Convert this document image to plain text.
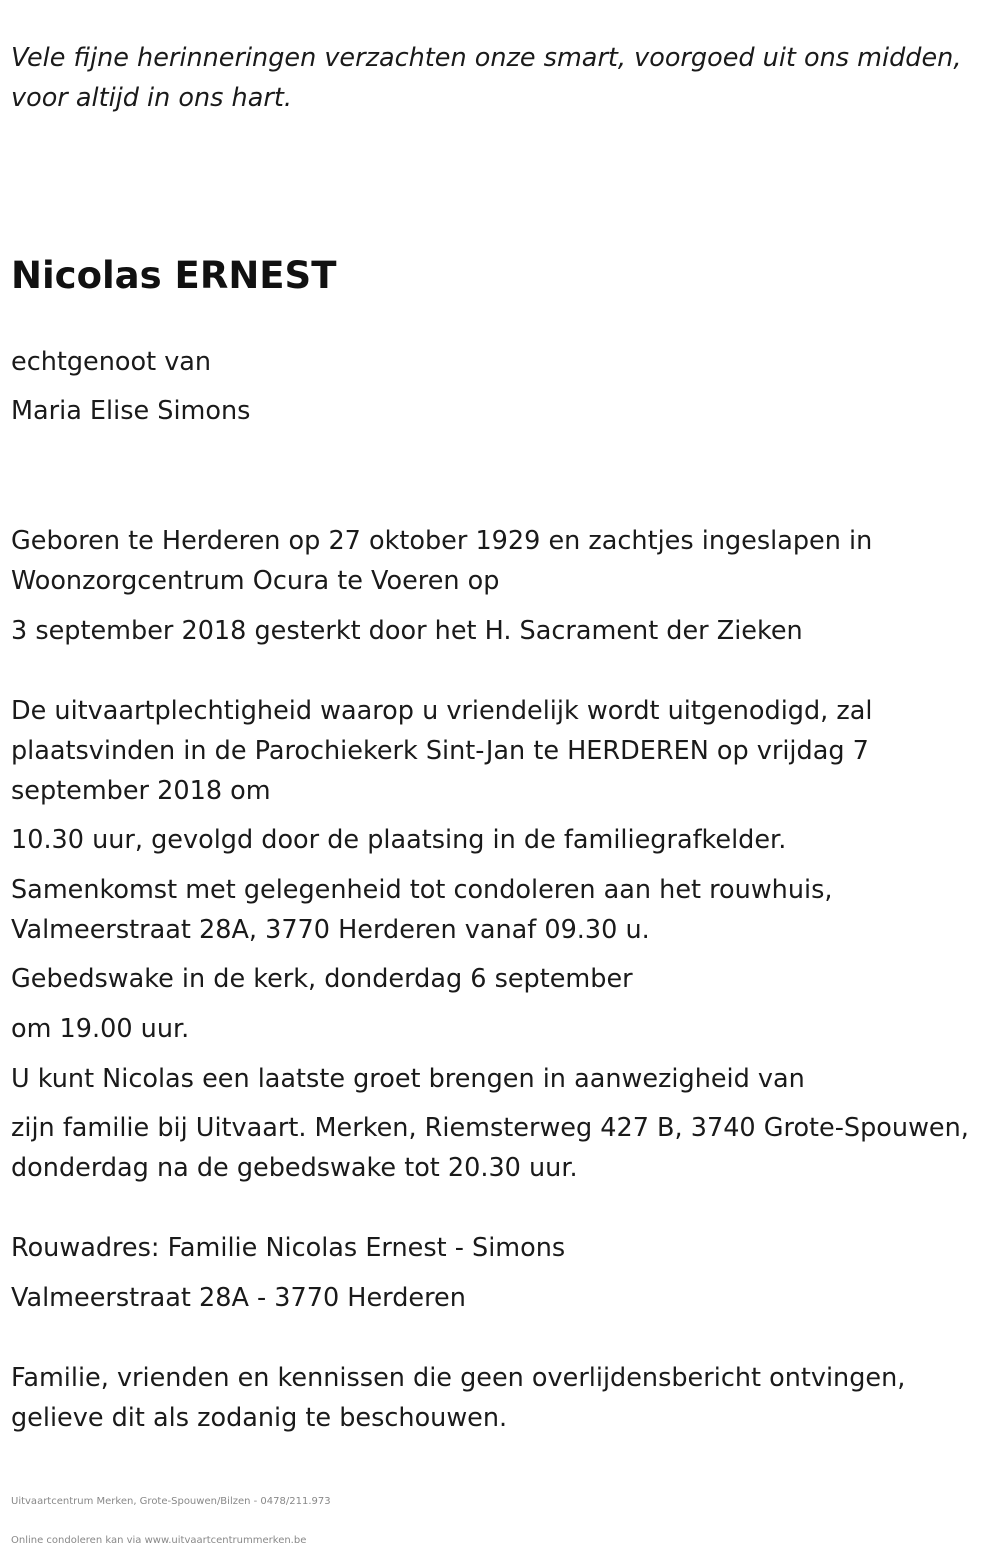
Vele fijne herinneringen verzachten onze smart, voorgoed uit ons midden, voor altijd in ons hart.

Nicolas ERNEST

echtgenoot van

Maria Elise Simons

Geboren te Herderen op 27 oktober 1929 en zachtjes ingeslapen in Woonzorgcentrum Ocura te Voeren op

3 september 2018 gesterkt door het H. Sacrament der Zieken

De uitvaartplechtigheid waarop u vriendelijk wordt uitgenodigd, zal plaatsvinden in de Parochiekerk Sint-Jan te HERDEREN op vrijdag 7 september 2018 om

10.30 uur, gevolgd door de plaatsing in de familiegrafkelder.

Samenkomst met gelegenheid tot condoleren aan het rouwhuis, Valmeerstraat 28A, 3770 Herderen vanaf 09.30 u.

Gebedswake in de kerk, donderdag 6 september

om 19.00 uur.

U kunt Nicolas een laatste groet brengen in aanwezigheid van

zijn familie bij Uitvaart. Merken, Riemsterweg 427 B, 3740 Grote-Spouwen, donderdag na de gebedswake tot 20.30 uur.

Rouwadres: Familie Nicolas Ernest - Simons

Valmeerstraat 28A - 3770 Herderen

Familie, vrienden en kennissen die geen overlijdensbericht ontvingen, gelieve dit als zodanig te beschouwen.

Uitvaartcentrum Merken, Grote-Spouwen/Bilzen - 0478/211.973

Online condoleren kan via www.uitvaartcentrummerken.be
